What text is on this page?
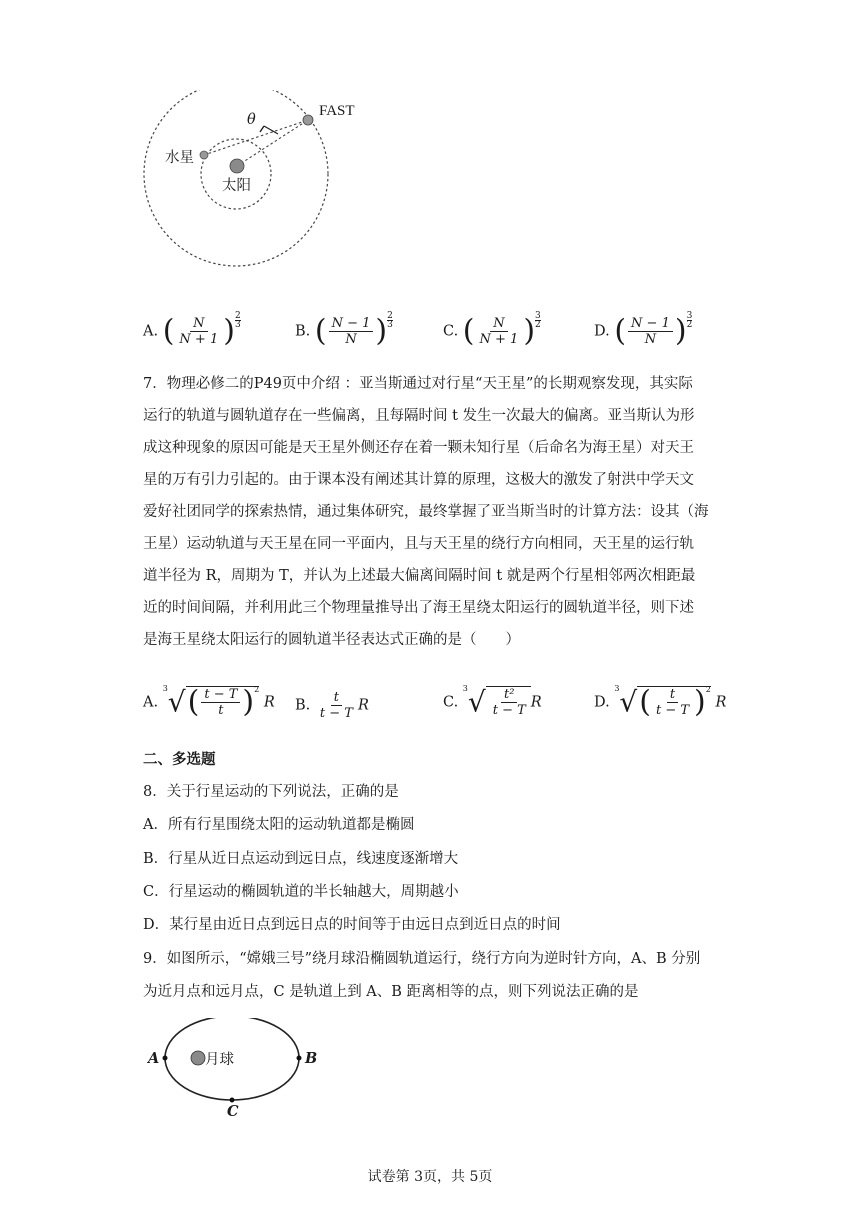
FAST
θ
水星
太阳
A. ( $\frac{N}{N + 1}$ ) $\frac{2}{3}$
B. ( $\frac{N - 1}{N}$ ) $\frac{2}{3}$
C. ( $\frac{N}{N + 1}$ ) $\frac{3}{2}$
D. ( $\frac{N - 1}{N}$ ) $\frac{3}{2}$
7．物理必修二的P49页中介绍 ：亚当斯通过对行星“天王星”的长期观察发现，其实际
运行的轨道与圆轨道存在一些偏离，且每隔时间 t 发生一次最大的偏离。亚当斯认为形
成这种现象的原因可能是天王星外侧还存在着一颗未知行星（后命名为海王星）对天王
星的万有引力引起的。由于课本没有阐述其计算的原理，这极大的激发了射洪中学天文
爱好社团同学的探索热情，通过集体研究，最终掌握了亚当斯当时的计算方法：设其（海
王星）运动轨道与天王星在同一平面内，且与天王星的绕行方向相同，天王星的运行轨
道半径为 R，周期为 T，并认为上述最大偏离间隔时间 t 就是两个行星相邻两次相距最
近的时间间隔，并利用此三个物理量推导出了海王星绕太阳运行的圆轨道半径，则下述
是海王星绕太阳运行的圆轨道半径表达式正确的是（　　）
A. $^3√( \frac{t - T}{t} )^2$ R B. $\frac{t}{t - T}$ R	C. $^3√ \frac{\text{t²}}{t - T}$ R	D. $^3√( \frac{t}{t - T} )^2$ R
二、多选题
8．关于行星运动的下列说法，正确的是
A．所有行星围绕太阳的运动轨道都是椭圆
B．行星从近日点运动到远日点，线速度逐渐增大
C．行星运动的椭圆轨道的半长轴越大，周期越小
D．某行星由近日点到远日点的时间等于由远日点到近日点的时间
9．如图所示，“嫦娥三号”绕月球沿椭圆轨道运行，绕行方向为逆时针方向，A、B 分别
为近月点和远月点，C 是轨道上到 A、B 距离相等的点，则下列说法正确的是
A	B
C
月球
试卷第 3页，共 5页
